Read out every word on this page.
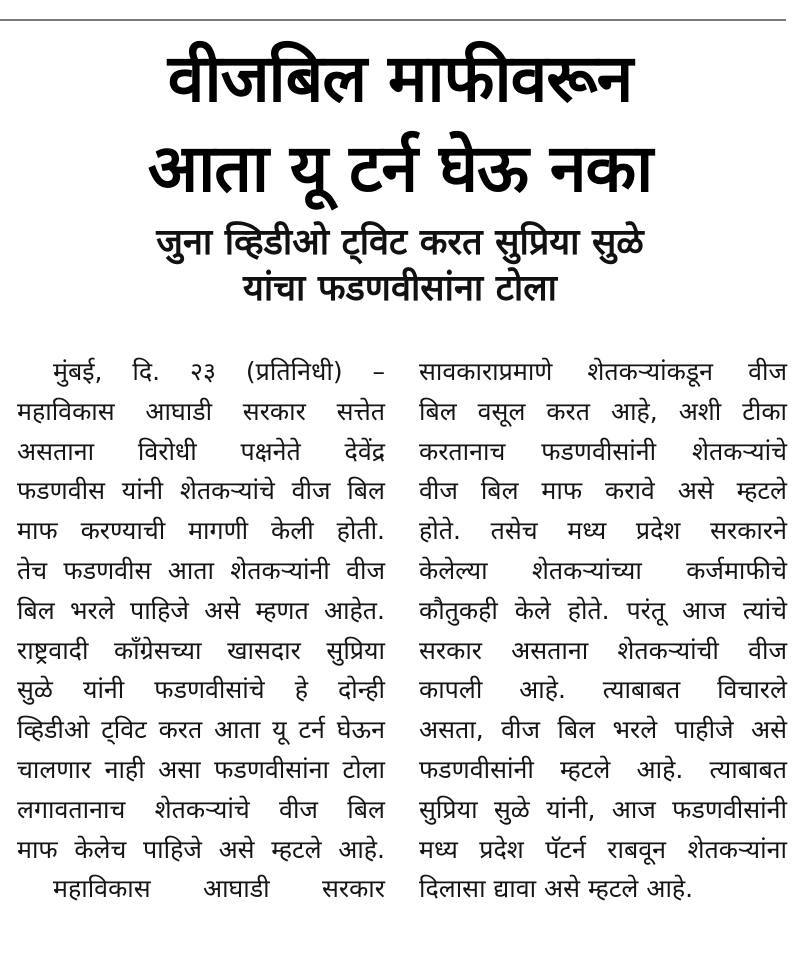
वीजबिल माफीवरून
आता यू टर्न घेऊ नका
जुना व्हिडीओ ट्विट करत सुप्रिया सुळे
यांचा फडणवीसांना टोला
मुंबई, दि. २३ (प्रतिनिधी) –
महाविकास आघाडी सरकार सत्तेत
असताना विरोधी पक्षनेते देवेंद्र
फडणवीस यांनी शेतकऱ्यांचे वीज बिल
माफ करण्याची मागणी केली होती.
तेच फडणवीस आता शेतकऱ्यांनी वीज
बिल भरले पाहिजे असे म्हणत आहेत.
राष्ट्रवादी काँग्रेसच्या खासदार सुप्रिया
सुळे यांनी फडणवीसांचे हे दोन्ही
व्हिडीओ ट्विट करत आता यू टर्न घेऊन
चालणार नाही असा फडणवीसांना टोला
लगावतानाच शेतकऱ्यांचे वीज बिल
माफ केलेच पाहिजे असे म्हटले आहे.
महाविकास आघाडी सरकार
सावकाराप्रमाणे शेतकऱ्यांकडून वीज
बिल वसूल करत आहे, अशी टीका
करतानाच फडणवीसांनी शेतकऱ्यांचे
वीज बिल माफ करावे असे म्हटले
होते. तसेच मध्य प्रदेश सरकारने
केलेल्या शेतकऱ्यांच्या कर्जमाफीचे
कौतुकही केले होते. परंतू आज त्यांचे
सरकार असताना शेतकऱ्यांची वीज
कापली आहे. त्याबाबत विचारले
असता, वीज बिल भरले पाहीजे असे
फडणवीसांनी म्हटले आहे. त्याबाबत
सुप्रिया सुळे यांनी, आज फडणवीसांनी
मध्य प्रदेश पॅटर्न राबवून शेतकऱ्यांना
दिलासा द्यावा असे म्हटले आहे.
